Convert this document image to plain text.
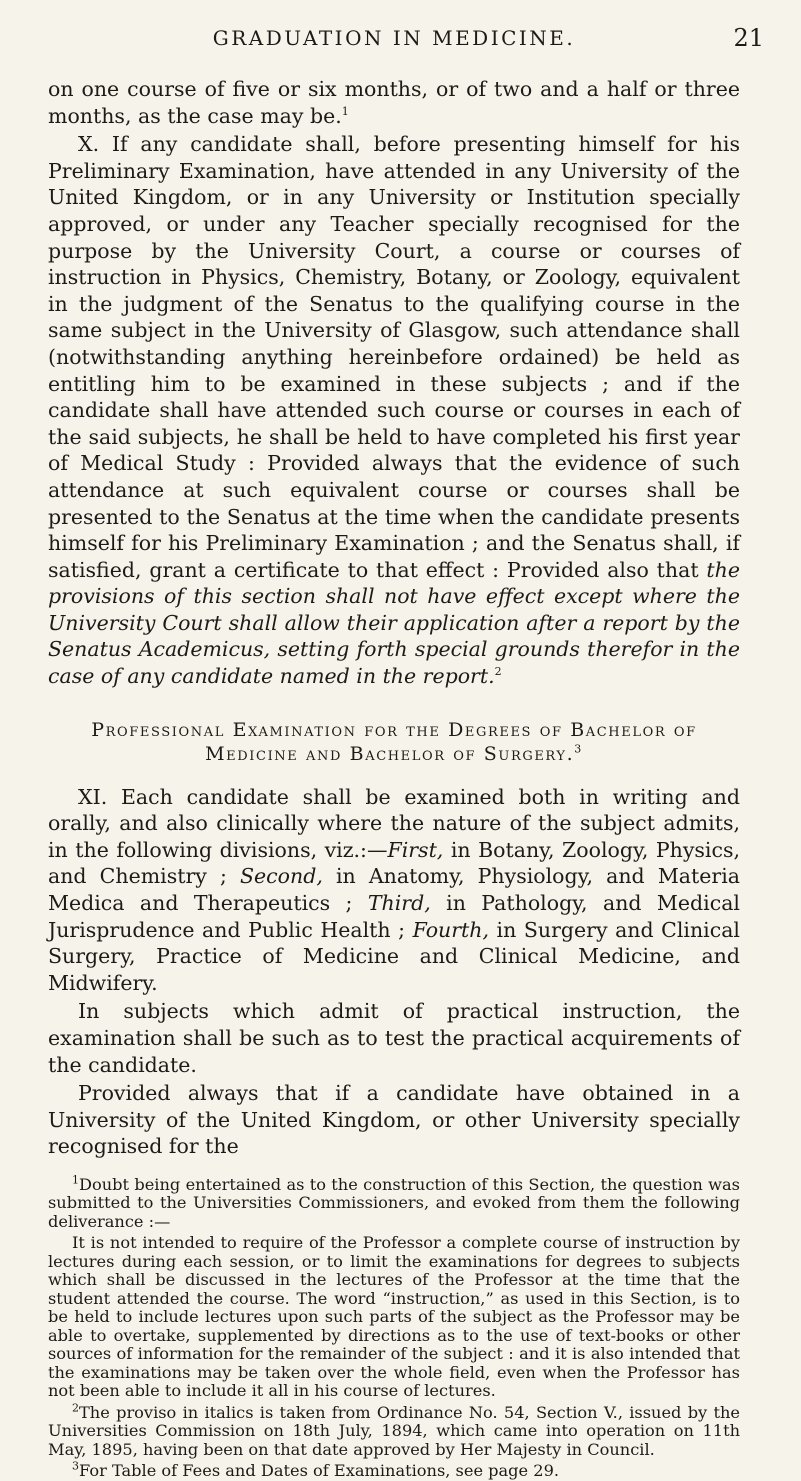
GRADUATION IN MEDICINE.	21

on one course of five or six months, or of two and a half or three months, as the case may be.$^1$

X. If any candidate shall, before presenting himself for his Preliminary Examination, have attended in any University of the United Kingdom, or in any University or Institution specially approved, or under any Teacher specially recognised for the purpose by the University Court, a course or courses of instruction in Physics, Chemistry, Botany, or Zoology, equivalent in the judgment of the Senatus to the qualifying course in the same subject in the University of Glasgow, such attendance shall (notwithstanding anything hereinbefore ordained) be held as entitling him to be examined in these subjects ; and if the candidate shall have attended such course or courses in each of the said subjects, he shall be held to have completed his first year of Medical Study : Provided always that the evidence of such attendance at such equivalent course or courses shall be presented to the Senatus at the time when the candidate presents himself for his Preliminary Examination ; and the Senatus shall, if satisfied, grant a certificate to that effect : Provided also that the provisions of this section shall not have effect except where the University Court shall allow their application after a report by the Senatus Academicus, setting forth special grounds therefor in the case of any candidate named in the report.$^2$

Professional Examination for the Degrees of Bachelor of Medicine and Bachelor of Surgery.$^3$

XI. Each candidate shall be examined both in writing and orally, and also clinically where the nature of the subject admits, in the following divisions, viz.:—First, in Botany, Zoology, Physics, and Chemistry ; Second, in Anatomy, Physiology, and Materia Medica and Therapeutics ; Third, in Pathology, and Medical Jurisprudence and Public Health ; Fourth, in Surgery and Clinical Surgery, Practice of Medicine and Clinical Medicine, and Midwifery.

In subjects which admit of practical instruction, the examination shall be such as to test the practical acquirements of the candidate.

Provided always that if a candidate have obtained in a University of the United Kingdom, or other University specially recognised for the

$^1$Doubt being entertained as to the construction of this Section, the question was submitted to the Universities Commissioners, and evoked from them the following deliverance :—

It is not intended to require of the Professor a complete course of instruction by lectures during each session, or to limit the examinations for degrees to subjects which shall be discussed in the lectures of the Professor at the time that the student attended the course. The word “instruction,” as used in this Section, is to be held to include lectures upon such parts of the subject as the Professor may be able to overtake, supplemented by directions as to the use of text-books or other sources of information for the remainder of the subject : and it is also intended that the examinations may be taken over the whole field, even when the Professor has not been able to include it all in his course of lectures.

$^2$The proviso in italics is taken from Ordinance No. 54, Section V., issued by the Universities Commission on 18th July, 1894, which came into operation on 11th May, 1895, having been on that date approved by Her Majesty in Council.

$^3$For Table of Fees and Dates of Examinations, see page 29.
